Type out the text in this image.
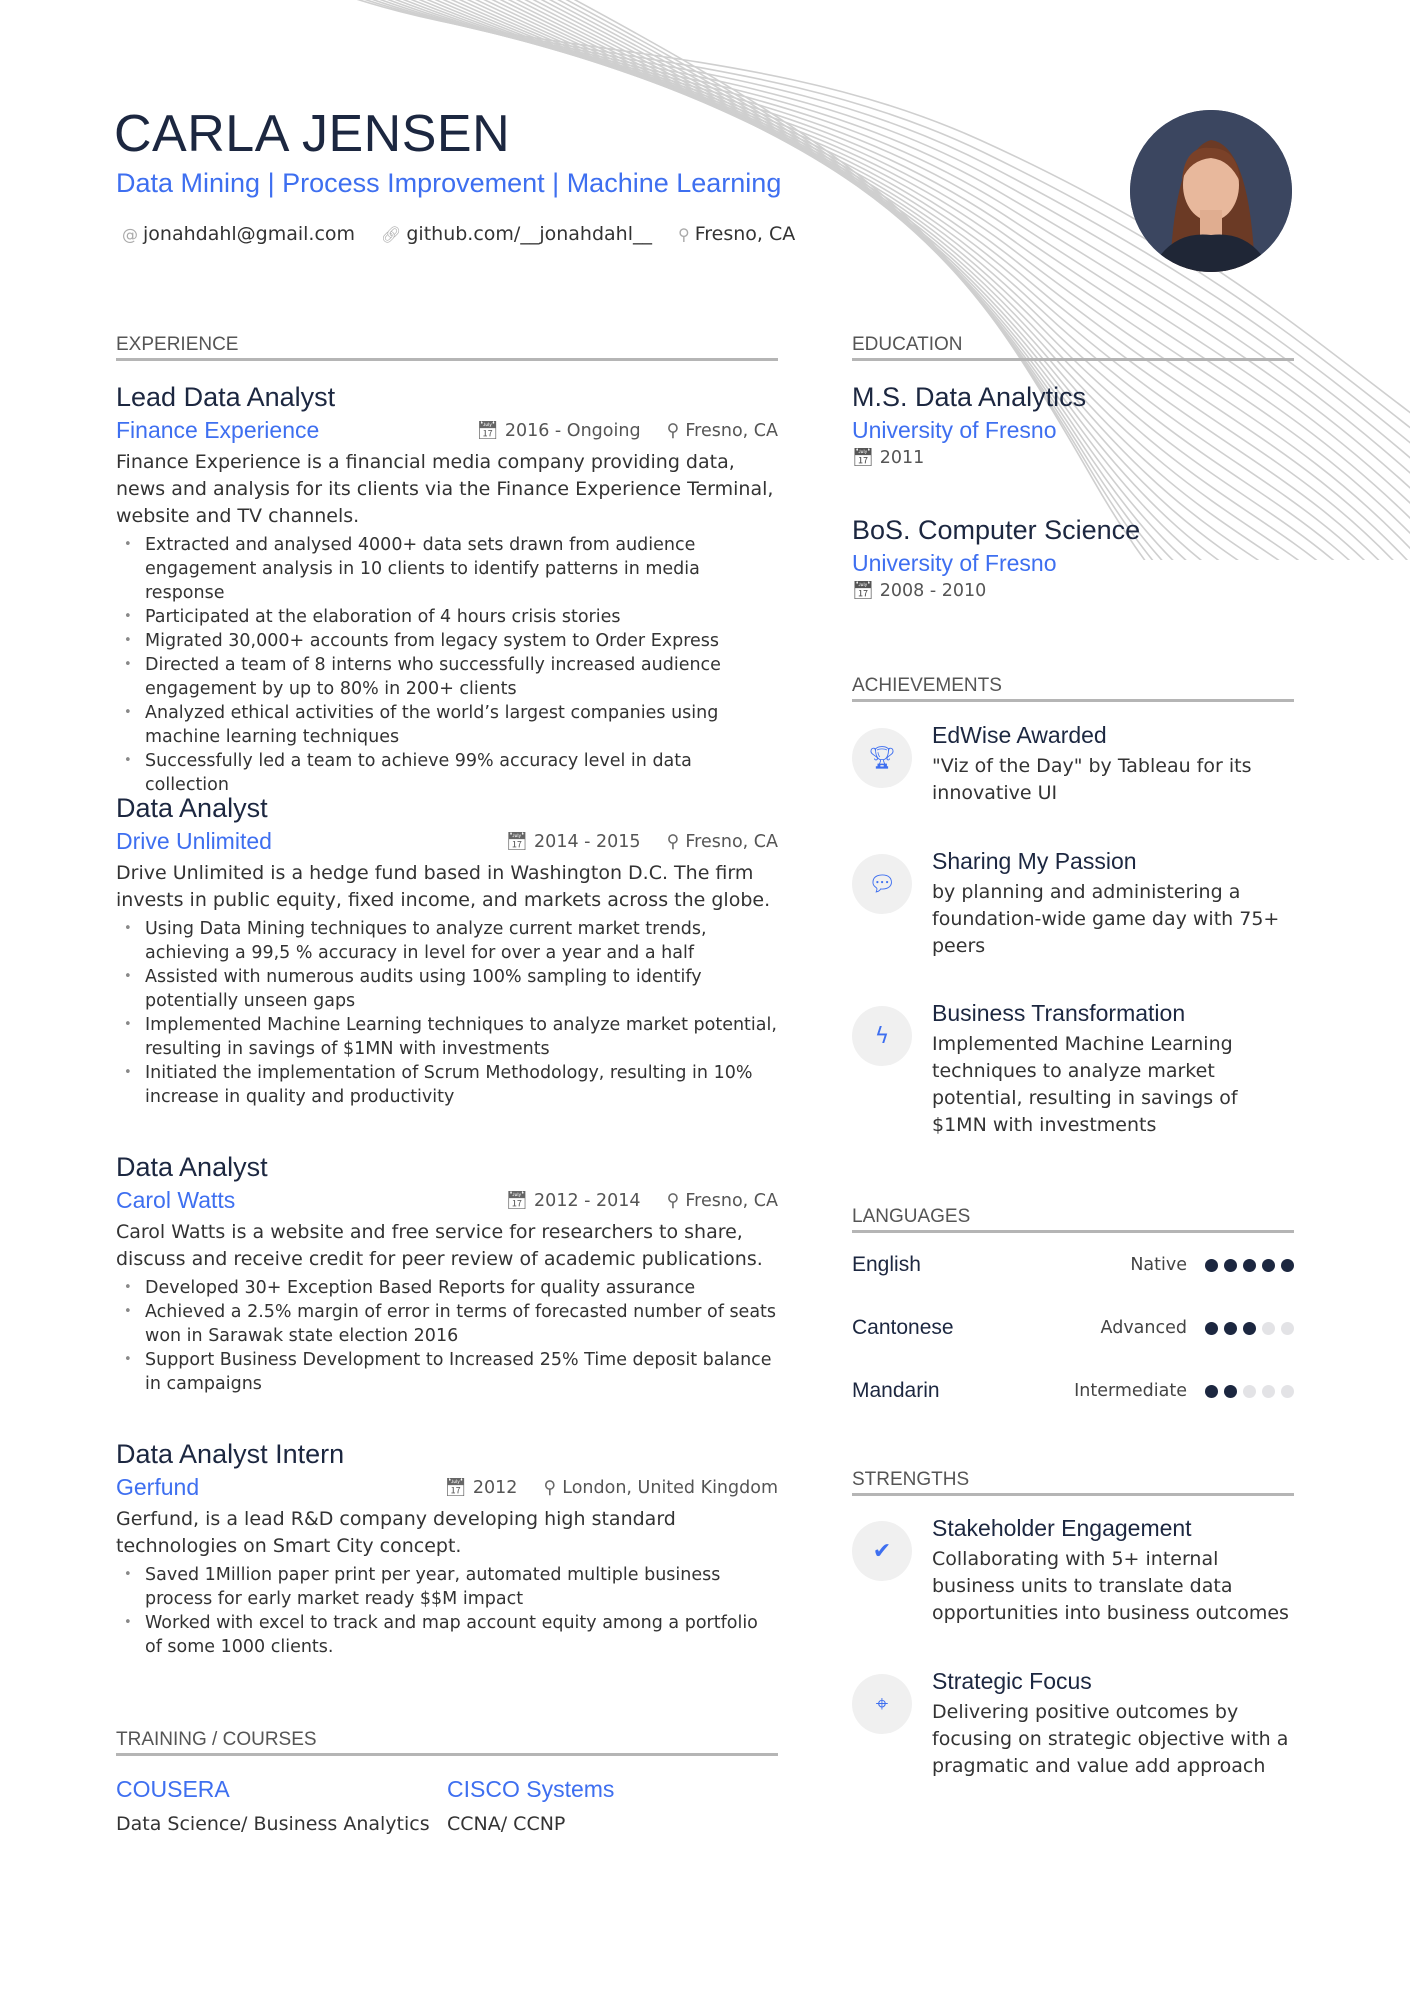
CARLA JENSEN
Data Mining | Process Improvement | Machine Learning
@ jonahdahl@gmail.com 🔗︎ github.com/__jonahdahl__ ⚲ Fresno, CA
EXPERIENCE
Lead Data Analyst
Finance Experience	📅︎ 2016 - Ongoing ⚲ Fresno, CA
Finance Experience is a financial media company providing data, news and analysis for its clients via the Finance Experience Terminal, website and TV channels.
• Extracted and analysed 4000+ data sets drawn from audience engagement analysis in 10 clients to identify patterns in media response
• Participated at the elaboration of 4 hours crisis stories
• Migrated 30,000+ accounts from legacy system to Order Express
• Directed a team of 8 interns who successfully increased audience engagement by up to 80% in 200+ clients
• Analyzed ethical activities of the world’s largest companies using machine learning techniques
• Successfully led a team to achieve 99% accuracy level in data collection
Data Analyst
Drive Unlimited	📅︎ 2014 - 2015 ⚲ Fresno, CA
Drive Unlimited is a hedge fund based in Washington D.C. The firm invests in public equity, fixed income, and markets across the globe.
• Using Data Mining techniques to analyze current market trends, achieving a 99,5 % accuracy in level for over a year and a half
• Assisted with numerous audits using 100% sampling to identify potentially unseen gaps
• Implemented Machine Learning techniques to analyze market potential, resulting in savings of $1MN with investments
• Initiated the implementation of Scrum Methodology, resulting in 10% increase in quality and productivity
Data Analyst
Carol Watts	📅︎ 2012 - 2014 ⚲ Fresno, CA
Carol Watts is a website and free service for researchers to share, discuss and receive credit for peer review of academic publications.
• Developed 30+ Exception Based Reports for quality assurance
• Achieved a 2.5% margin of error in terms of forecasted number of seats won in Sarawak state election 2016
• Support Business Development to Increased 25% Time deposit balance in campaigns
Data Analyst Intern
Gerfund	📅︎ 2012 ⚲ London, United Kingdom
Gerfund, is a lead R&D company developing high standard technologies on Smart City concept.
• Saved 1Million paper print per year, automated multiple business process for early market ready $$M impact
• Worked with excel to track and map account equity among a portfolio of some 1000 clients.
TRAINING / COURSES
COUSERA
Data Science/ Business Analytics
CISCO Systems
CCNA/ CCNP
EDUCATION
M.S. Data Analytics
University of Fresno
📅︎ 2011
BoS. Computer Science
University of Fresno
📅︎ 2008 - 2010
ACHIEVEMENTS
🏆︎
EdWise Awarded
"Viz of the Day" by Tableau for its innovative UI
💬︎
Sharing My Passion
by planning and administering a foundation-wide game day with 75+ peers
ϟ
Business Transformation
Implemented Machine Learning techniques to analyze market potential, resulting in savings of $1MN with investments
LANGUAGES
English	Native
Cantonese	Advanced
Mandarin	Intermediate
STRENGTHS
✔
Stakeholder Engagement
Collaborating with 5+ internal business units to translate data opportunities into business outcomes
⌖
Strategic Focus
Delivering positive outcomes by focusing on strategic objective with a pragmatic and value add approach
